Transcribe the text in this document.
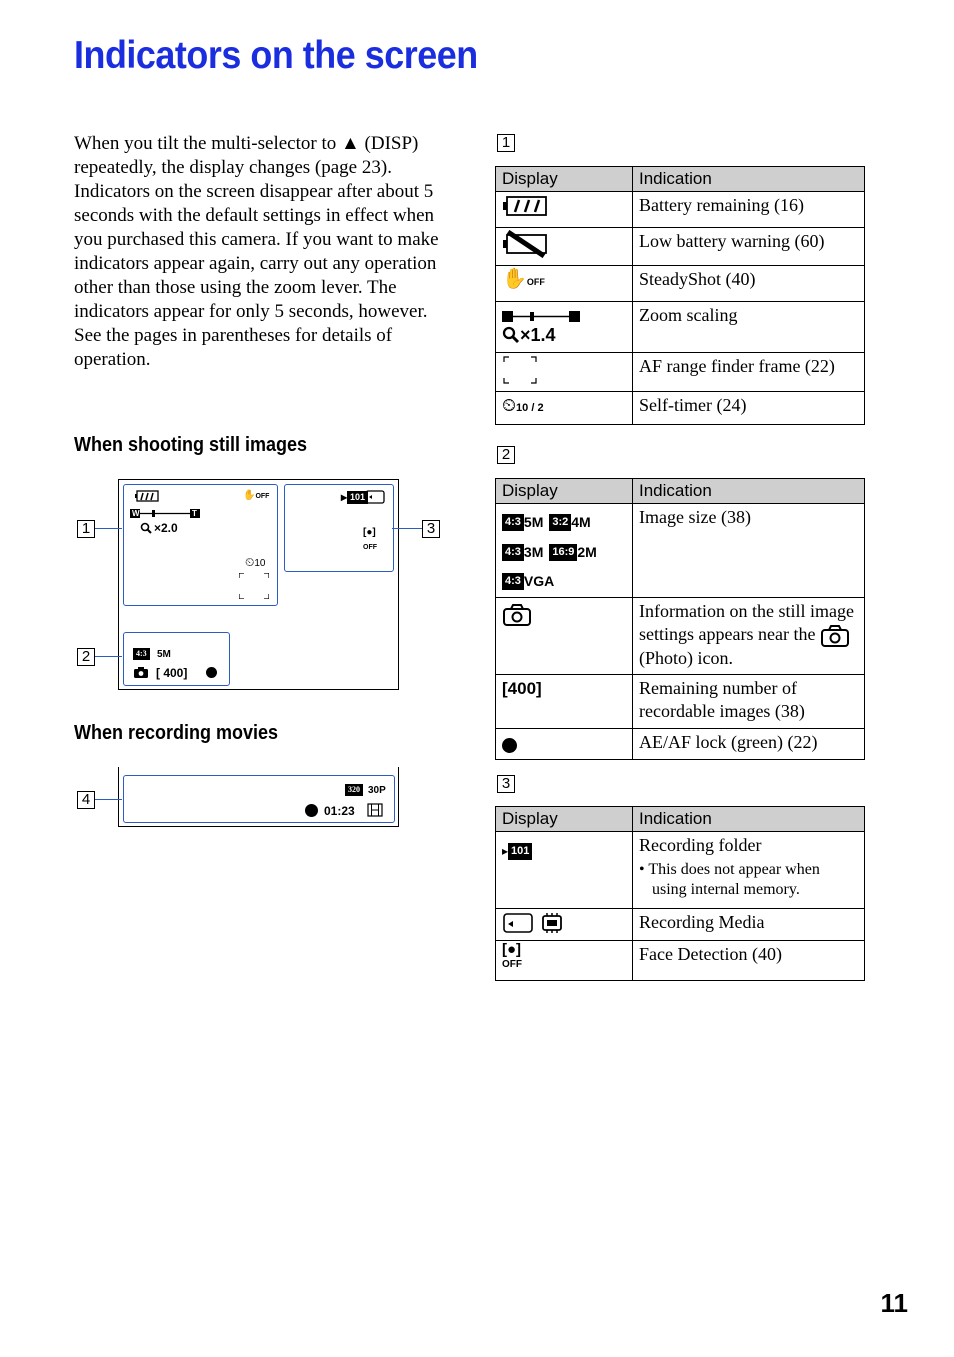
Indicators on the screen

When you tilt the multi-selector to ▲ (DISP) repeatedly, the display changes (page 23).

Indicators on the screen disappear after about 5 seconds with the default settings in effect when you purchased this camera. If you want to make indicators appear again, carry out any operation other than those using the zoom lever. The indicators appear for only 5 seconds, however.

See the pages in parentheses for details of operation.

When shooting still images
✋OFF
W	T
×2.0
⏲10
▸ 101
[●]
OFF
4:3	5M
[ 400]
1
2
3
When recording movies
320 30P
01:23
4
1
Display	Indication
	Battery remaining (16)
	Low battery warning (60)
✋OFF	SteadyShot (40)

×1.4	Zoom scaling
	AF range finder frame (22)
⏲10 / 2	Self-timer (24)
2
Display	Indication

4:3 5M 3:2 4M
4:3 3M 16:9 2M
4:3 VGA	Image size (38)
	Information on the still image settings appears near the  (Photo) icon.
[400]	Remaining number of recordable images (38)
	AE/AF lock (green) (22)
3
Display	Indication
▸ 101	Recording folder
• This does not appear when using internal memory.

	Recording Media

[●]
OFF	Face Detection (40)
11
